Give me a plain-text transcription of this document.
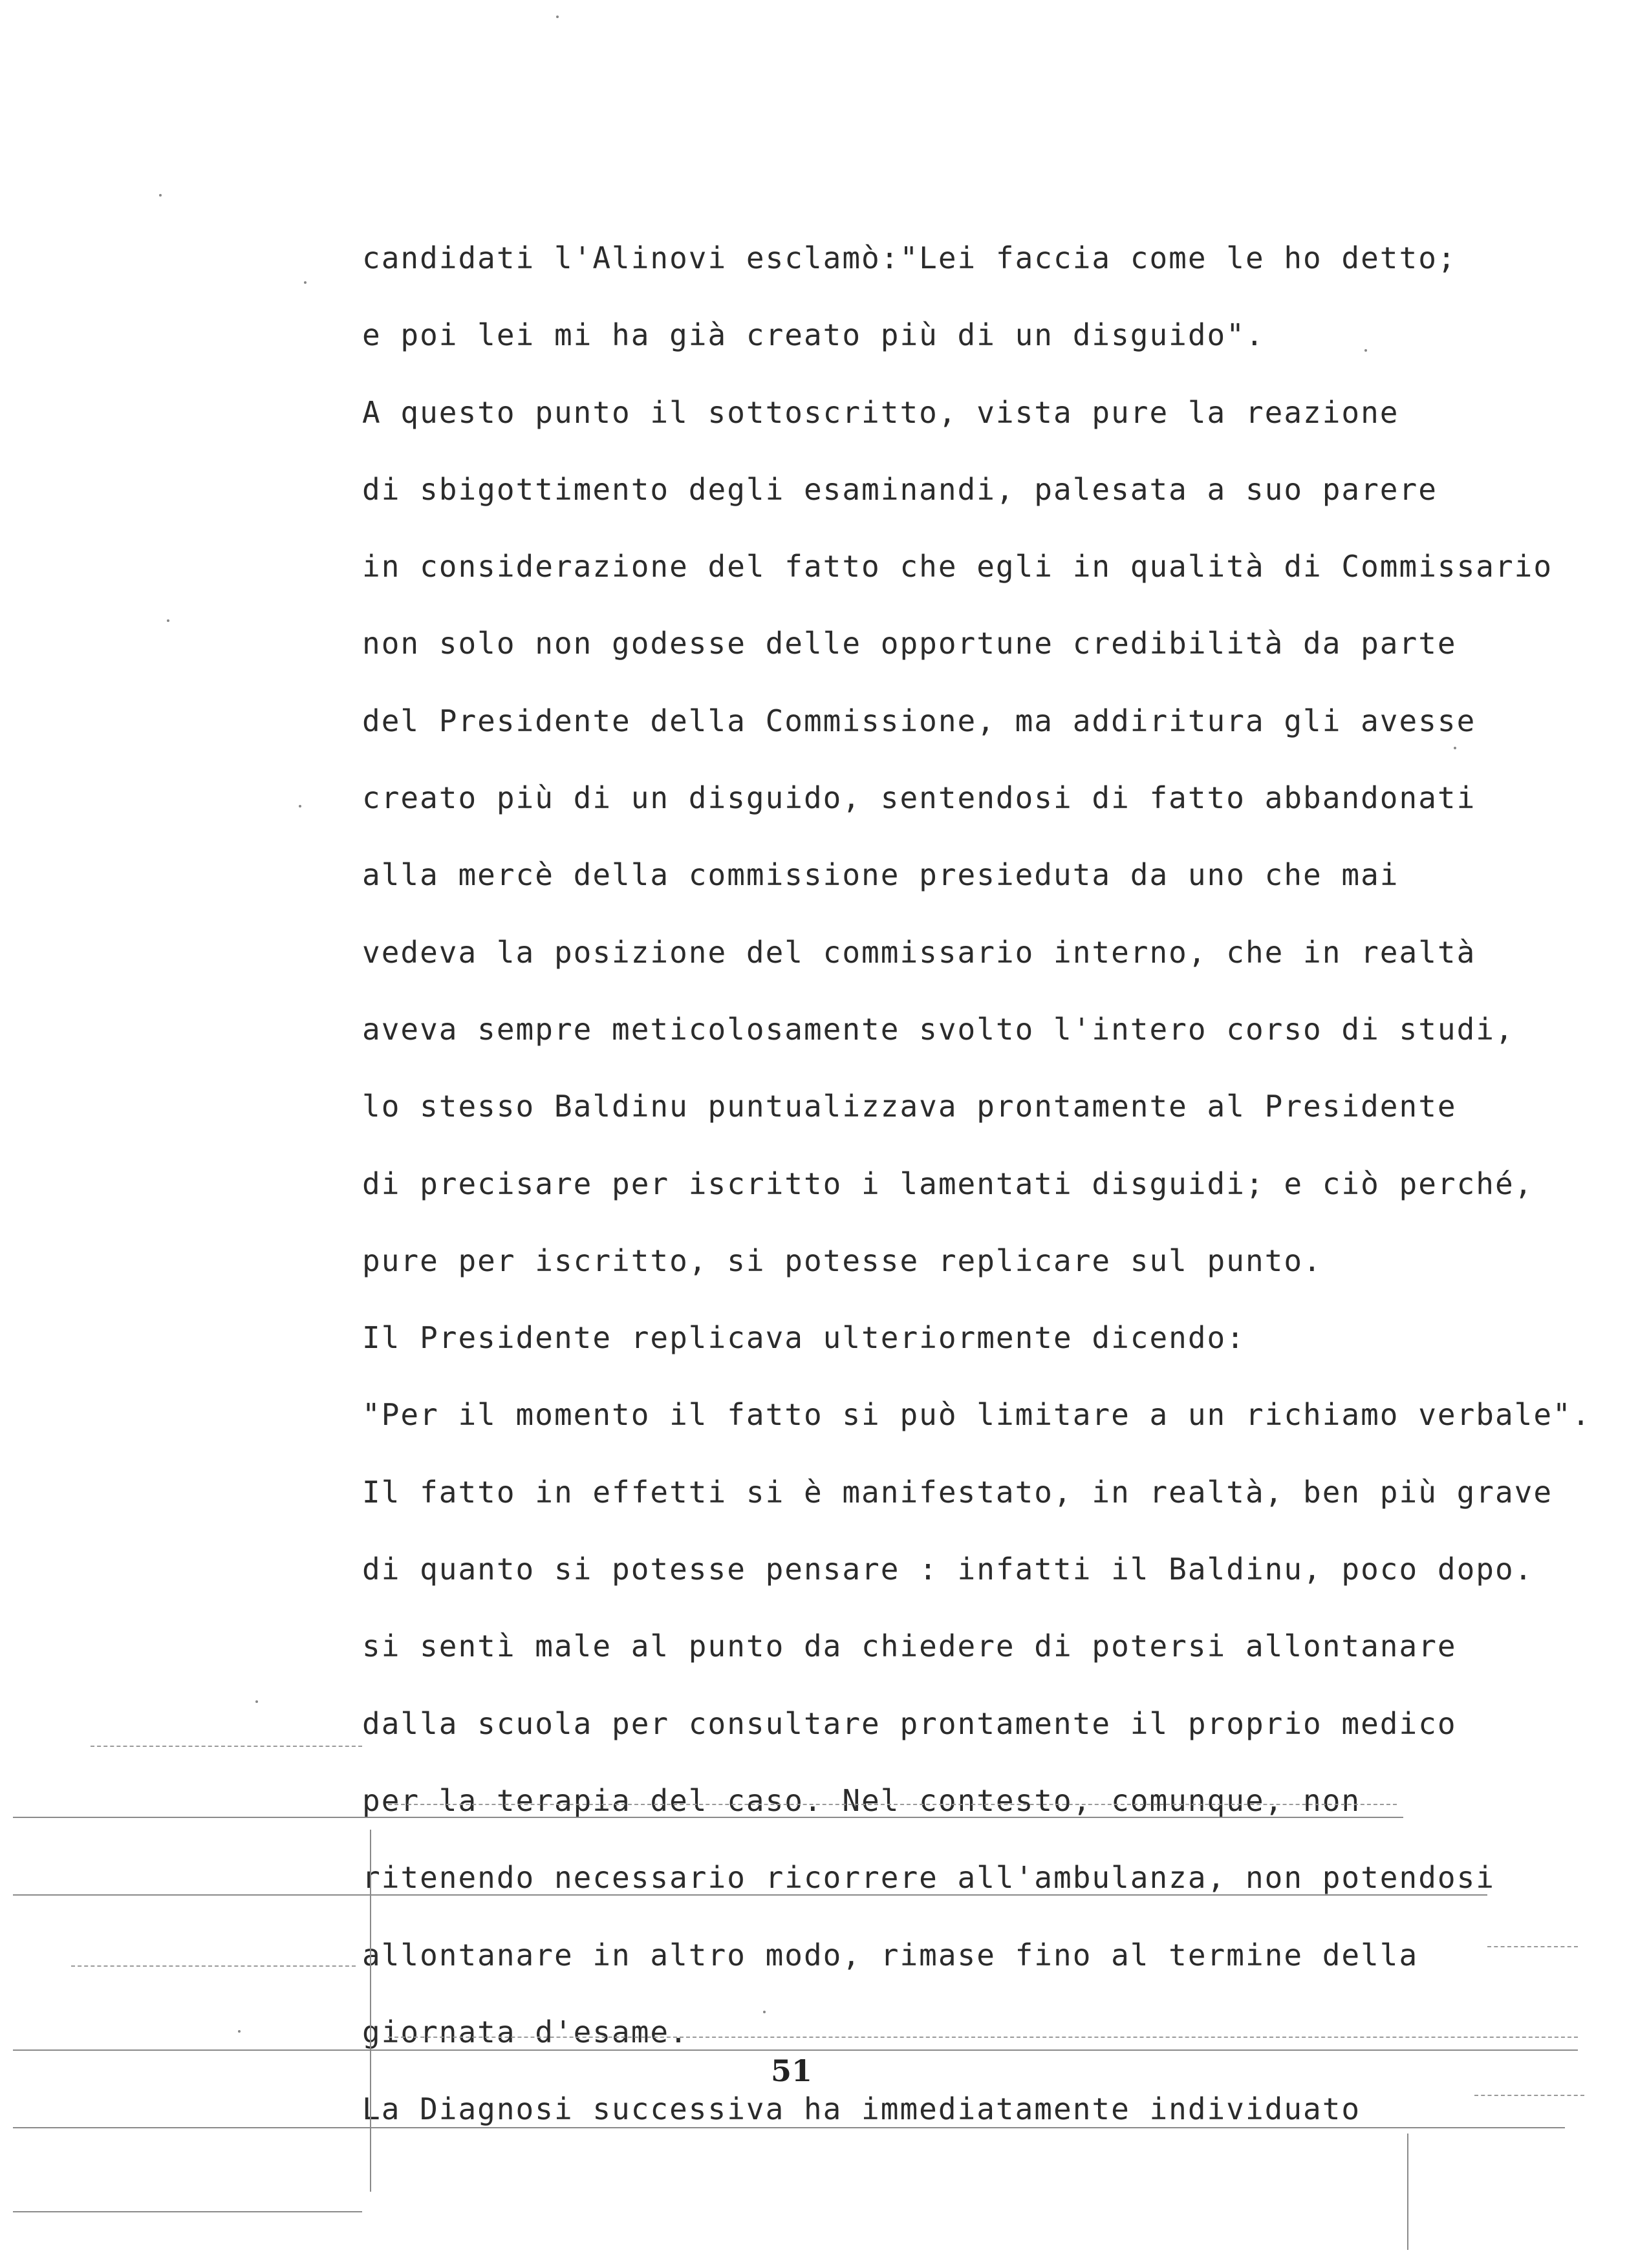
candidati l'Alinovi esclamò:"Lei faccia come le ho detto;
e poi lei mi ha già creato più di un disguido".
A questo punto il sottoscritto, vista pure la reazione
di sbigottimento degli esaminandi, palesata a suo parere
in considerazione del fatto che egli in qualità di Commissario
non solo non godesse delle opportune credibilità da parte
del Presidente della Commissione, ma addiritura gli avesse
creato più di un disguido, sentendosi di fatto abbandonati
alla mercè della commissione presieduta da uno che mai
vedeva la posizione del commissario interno, che in realtà
aveva sempre meticolosamente svolto l'intero corso di studi,
lo stesso Baldinu puntualizzava prontamente al Presidente
di precisare per iscritto i lamentati disguidi; e ciò perché,
pure per iscritto, si potesse replicare sul punto.
Il Presidente replicava ulteriormente dicendo:
"Per il momento il fatto si può limitare a un richiamo verbale".
Il fatto in effetti si è manifestato, in realtà, ben più grave
di quanto si potesse pensare : infatti il Baldinu, poco dopo.
si sentì male al punto da chiedere di potersi allontanare
dalla scuola per consultare prontamente il proprio medico
per la terapia del caso. Nel contesto, comunque, non
ritenendo necessario ricorrere all'ambulanza, non potendosi
allontanare in altro modo, rimase fino al termine della
giornata d'esame.
La Diagnosi successiva ha immediatamente individuato
51
